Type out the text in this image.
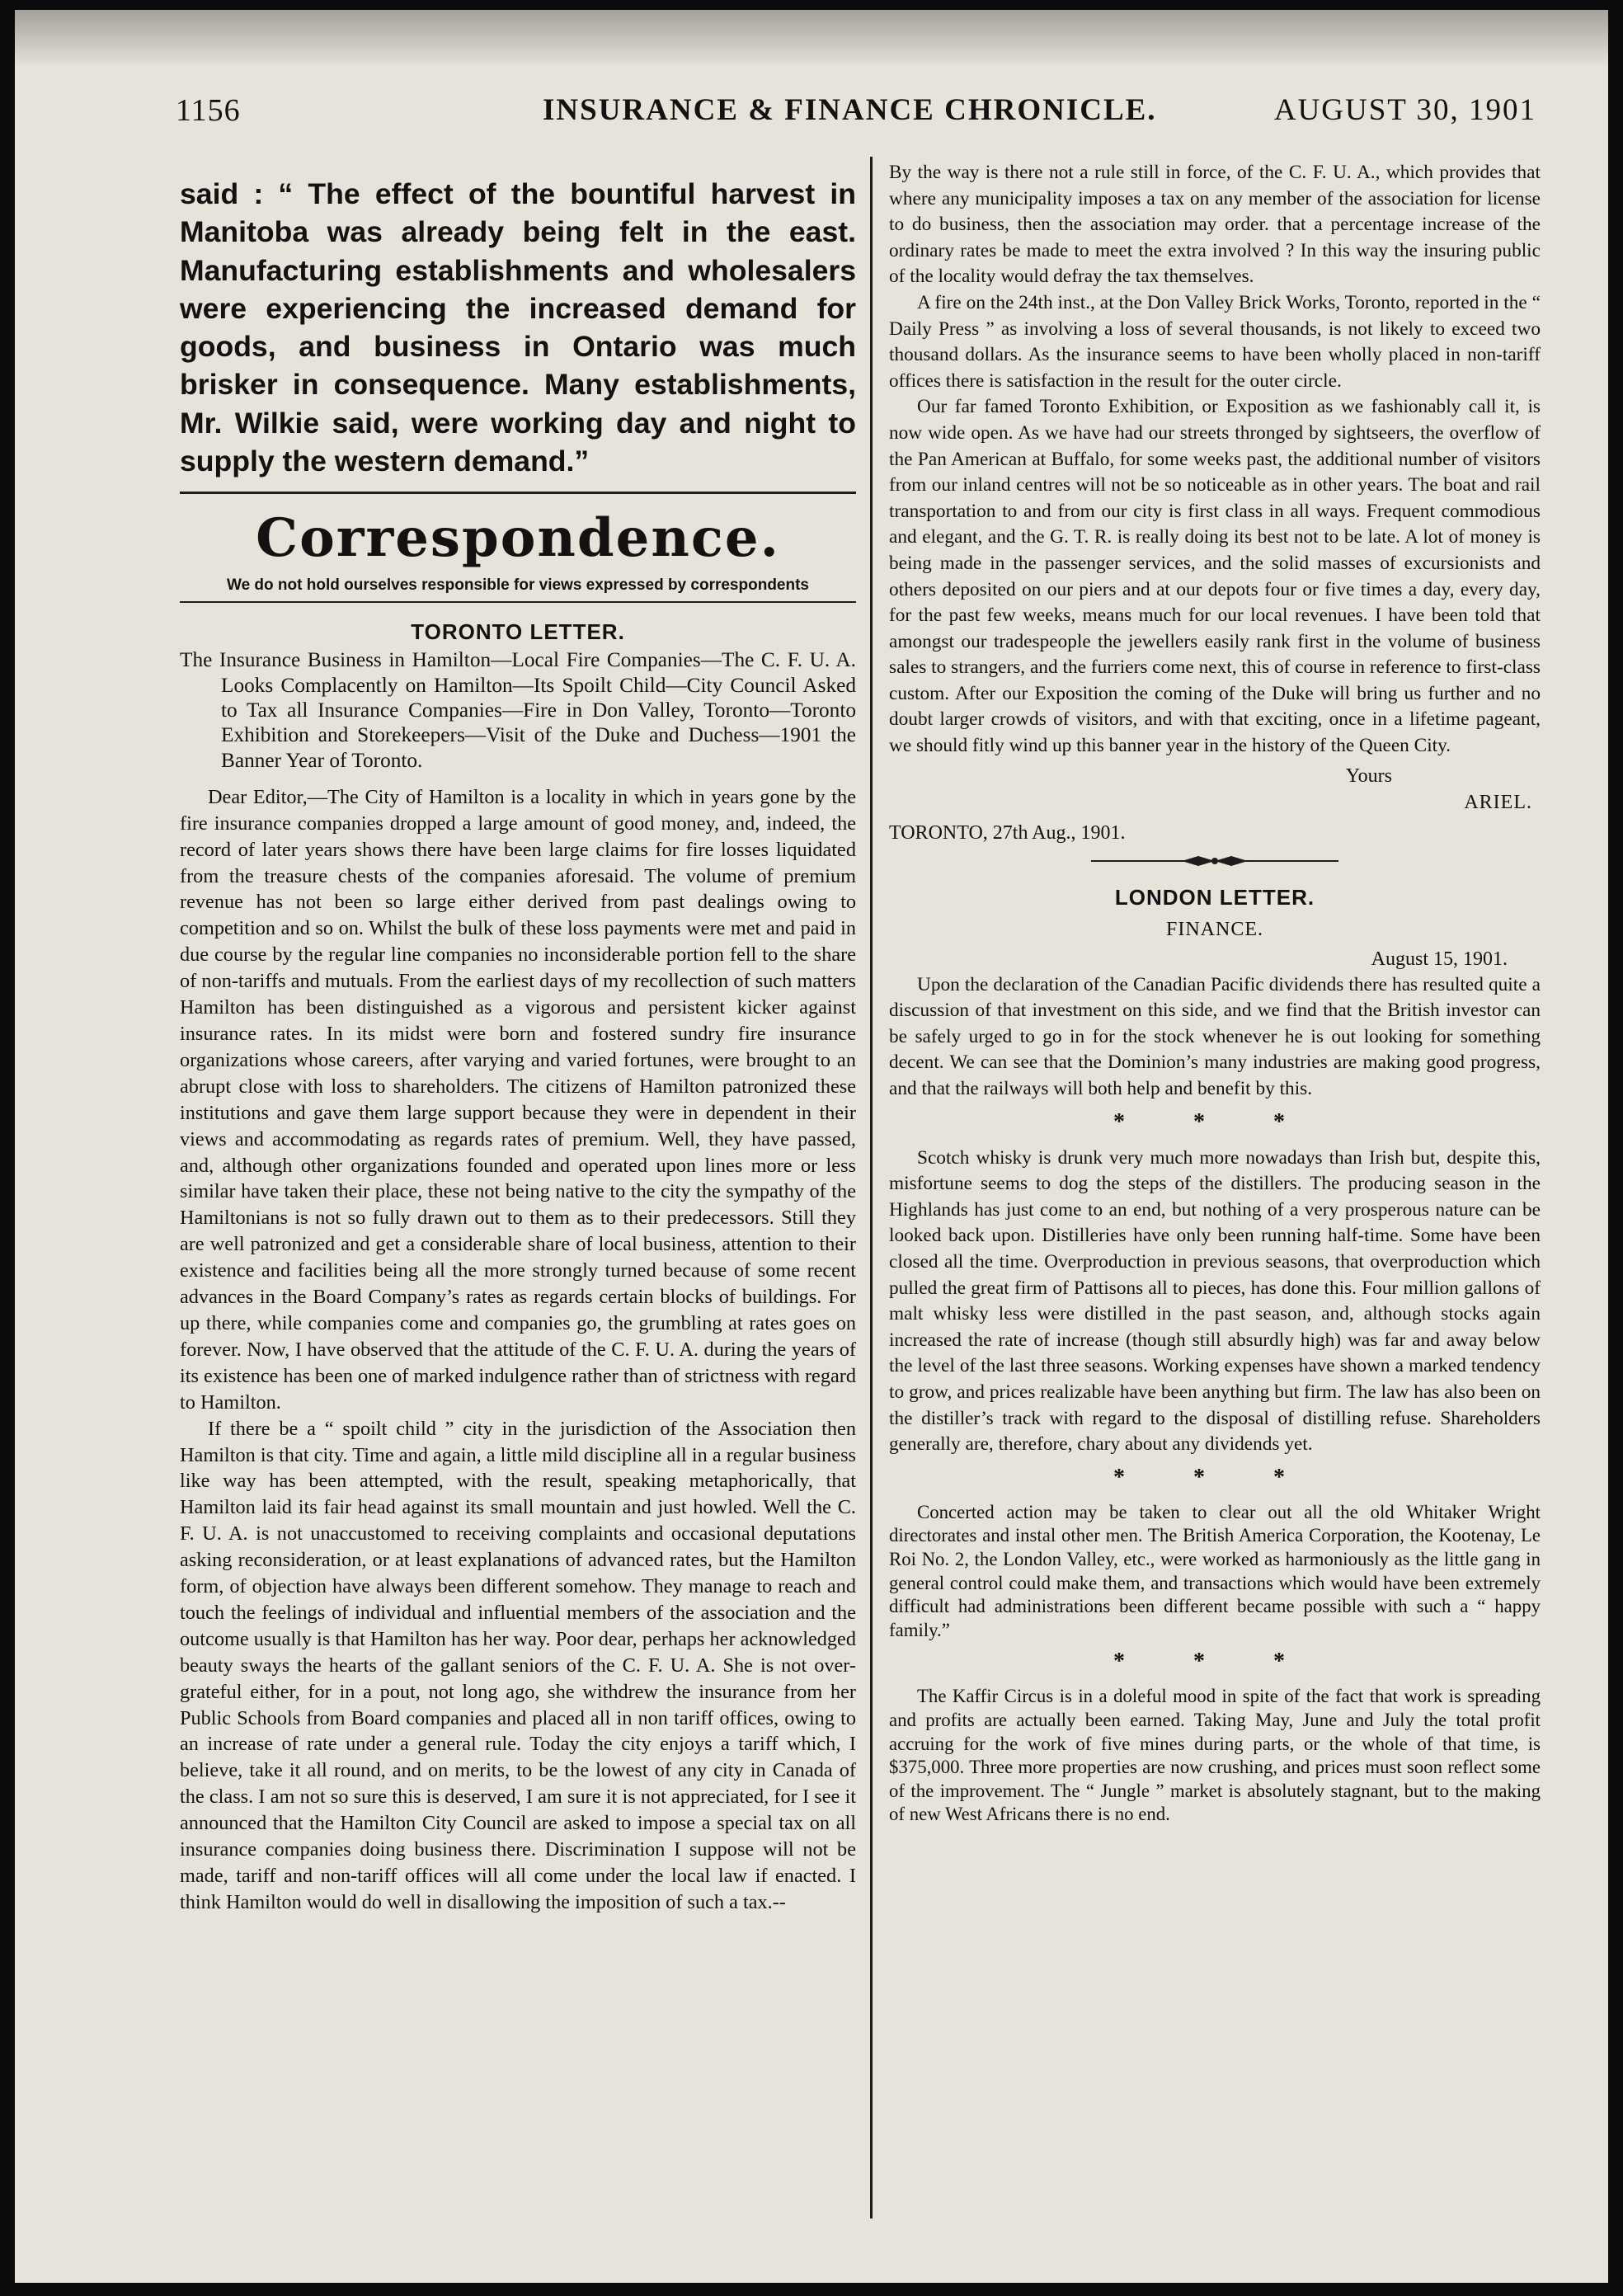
1156	INSURANCE & FINANCE CHRONICLE.	AUGUST 30, 1901

said : “ The effect of the bountiful harvest in Manitoba was already being felt in the east. Manufacturing establishments and wholesalers were experiencing the increased demand for goods, and business in Ontario was much brisker in consequence. Many establishments, Mr. Wilkie said, were working day and night to supply the western demand.”

Correspondence.
We do not hold ourselves responsible for views expressed by correspondents
TORONTO LETTER.

The Insurance Business in Hamilton—Local Fire Companies—The C. F. U. A. Looks Complacently on Hamilton—Its Spoilt Child—City Council Asked to Tax all Insurance Companies—Fire in Don Valley, Toronto—Toronto Exhibition and Storekeepers—Visit of the Duke and Duchess—1901 the Banner Year of Toronto.

Dear Editor,—The City of Hamilton is a locality in which in years gone by the fire insurance companies dropped a large amount of good money, and, indeed, the record of later years shows there have been large claims for fire losses liquidated from the treasure chests of the companies aforesaid. The volume of premium revenue has not been so large either derived from past dealings owing to competition and so on. Whilst the bulk of these loss payments were met and paid in due course by the regular line companies no inconsiderable portion fell to the share of non-tariffs and mutuals. From the earliest days of my recollection of such matters Hamilton has been distinguished as a vigorous and persistent kicker against insurance rates. In its midst were born and fostered sundry fire insurance organizations whose careers, after varying and varied fortunes, were brought to an abrupt close with loss to shareholders. The citizens of Hamilton patronized these institutions and gave them large support because they were in dependent in their views and accommodating as regards rates of premium. Well, they have passed, and, although other organizations founded and operated upon lines more or less similar have taken their place, these not being native to the city the sympathy of the Hamiltonians is not so fully drawn out to them as to their predecessors. Still they are well patronized and get a considerable share of local business, attention to their existence and facilities being all the more strongly turned because of some recent advances in the Board Company’s rates as regards certain blocks of buildings. For up there, while companies come and companies go, the grumbling at rates goes on forever. Now, I have observed that the attitude of the C. F. U. A. during the years of its existence has been one of marked indulgence rather than of strictness with regard to Hamilton.

If there be a “ spoilt child ” city in the jurisdiction of the Association then Hamilton is that city. Time and again, a little mild discipline all in a regular business like way has been attempted, with the result, speaking metaphorically, that Hamilton laid its fair head against its small mountain and just howled. Well the C. F. U. A. is not unaccustomed to receiving complaints and occasional deputations asking reconsideration, or at least explanations of advanced rates, but the Hamilton form, of objection have always been different somehow. They manage to reach and touch the feelings of individual and influential members of the association and the outcome usually is that Hamilton has her way. Poor dear, perhaps her acknowledged beauty sways the hearts of the gallant seniors of the C. F. U. A. She is not over-grateful either, for in a pout, not long ago, she withdrew the insurance from her Public Schools from Board companies and placed all in non tariff offices, owing to an increase of rate under a general rule. Today the city enjoys a tariff which, I believe, take it all round, and on merits, to be the lowest of any city in Canada of the class. I am not so sure this is deserved, I am sure it is not appreciated, for I see it announced that the Hamilton City Council are asked to impose a special tax on all insurance companies doing business there. Discrimination I suppose will not be made, tariff and non-tariff offices will all come under the local law if enacted. I think Hamilton would do well in disallowing the imposition of such a tax.--

By the way is there not a rule still in force, of the C. F. U. A., which provides that where any municipality imposes a tax on any member of the association for license to do business, then the association may order. that a percentage increase of the ordinary rates be made to meet the extra involved ? In this way the insuring public of the locality would defray the tax themselves.

A fire on the 24th inst., at the Don Valley Brick Works, Toronto, reported in the “ Daily Press ” as involving a loss of several thousands, is not likely to exceed two thousand dollars. As the insurance seems to have been wholly placed in non-tariff offices there is satisfaction in the result for the outer circle.

Our far famed Toronto Exhibition, or Exposition as we fashionably call it, is now wide open. As we have had our streets thronged by sightseers, the overflow of the Pan American at Buffalo, for some weeks past, the additional number of visitors from our inland centres will not be so noticeable as in other years. The boat and rail transportation to and from our city is first class in all ways. Frequent commodious and elegant, and the G. T. R. is really doing its best not to be late. A lot of money is being made in the passenger services, and the solid masses of excursionists and others deposited on our piers and at our depots four or five times a day, every day, for the past few weeks, means much for our local revenues. I have been told that amongst our tradespeople the jewellers easily rank first in the volume of business sales to strangers, and the furriers come next, this of course in reference to first-class custom. After our Exposition the coming of the Duke will bring us further and no doubt larger crowds of visitors, and with that exciting, once in a lifetime pageant, we should fitly wind up this banner year in the history of the Queen City.

Yours
ARIEL.
TORONTO, 27th Aug., 1901.
LONDON LETTER.
FINANCE.
August 15, 1901.

Upon the declaration of the Canadian Pacific dividends there has resulted quite a discussion of that investment on this side, and we find that the British investor can be safely urged to go in for the stock whenever he is out looking for something decent. We can see that the Dominion’s many industries are making good progress, and that the railways will both help and benefit by this.

* * *

Scotch whisky is drunk very much more nowadays than Irish but, despite this, misfortune seems to dog the steps of the distillers. The producing season in the Highlands has just come to an end, but nothing of a very prosperous nature can be looked back upon. Distilleries have only been running half-time. Some have been closed all the time. Overproduction in previous seasons, that overproduction which pulled the great firm of Pattisons all to pieces, has done this. Four million gallons of malt whisky less were distilled in the past season, and, although stocks again increased the rate of increase (though still absurdly high) was far and away below the level of the last three seasons. Working expenses have shown a marked tendency to grow, and prices realizable have been anything but firm. The law has also been on the distiller’s track with regard to the disposal of distilling refuse. Shareholders generally are, therefore, chary about any dividends yet.

* * *

Concerted action may be taken to clear out all the old Whitaker Wright directorates and instal other men. The British America Corporation, the Kootenay, Le Roi No. 2, the London Valley, etc., were worked as harmoniously as the little gang in general control could make them, and transactions which would have been extremely difficult had administrations been different became possible with such a “ happy family.”

* * *

The Kaffir Circus is in a doleful mood in spite of the fact that work is spreading and profits are actually been earned. Taking May, June and July the total profit accruing for the work of five mines during parts, or the whole of that time, is $375,000. Three more properties are now crushing, and prices must soon reflect some of the improvement. The “ Jungle ” market is absolutely stagnant, but to the making of new West Africans there is no end.
